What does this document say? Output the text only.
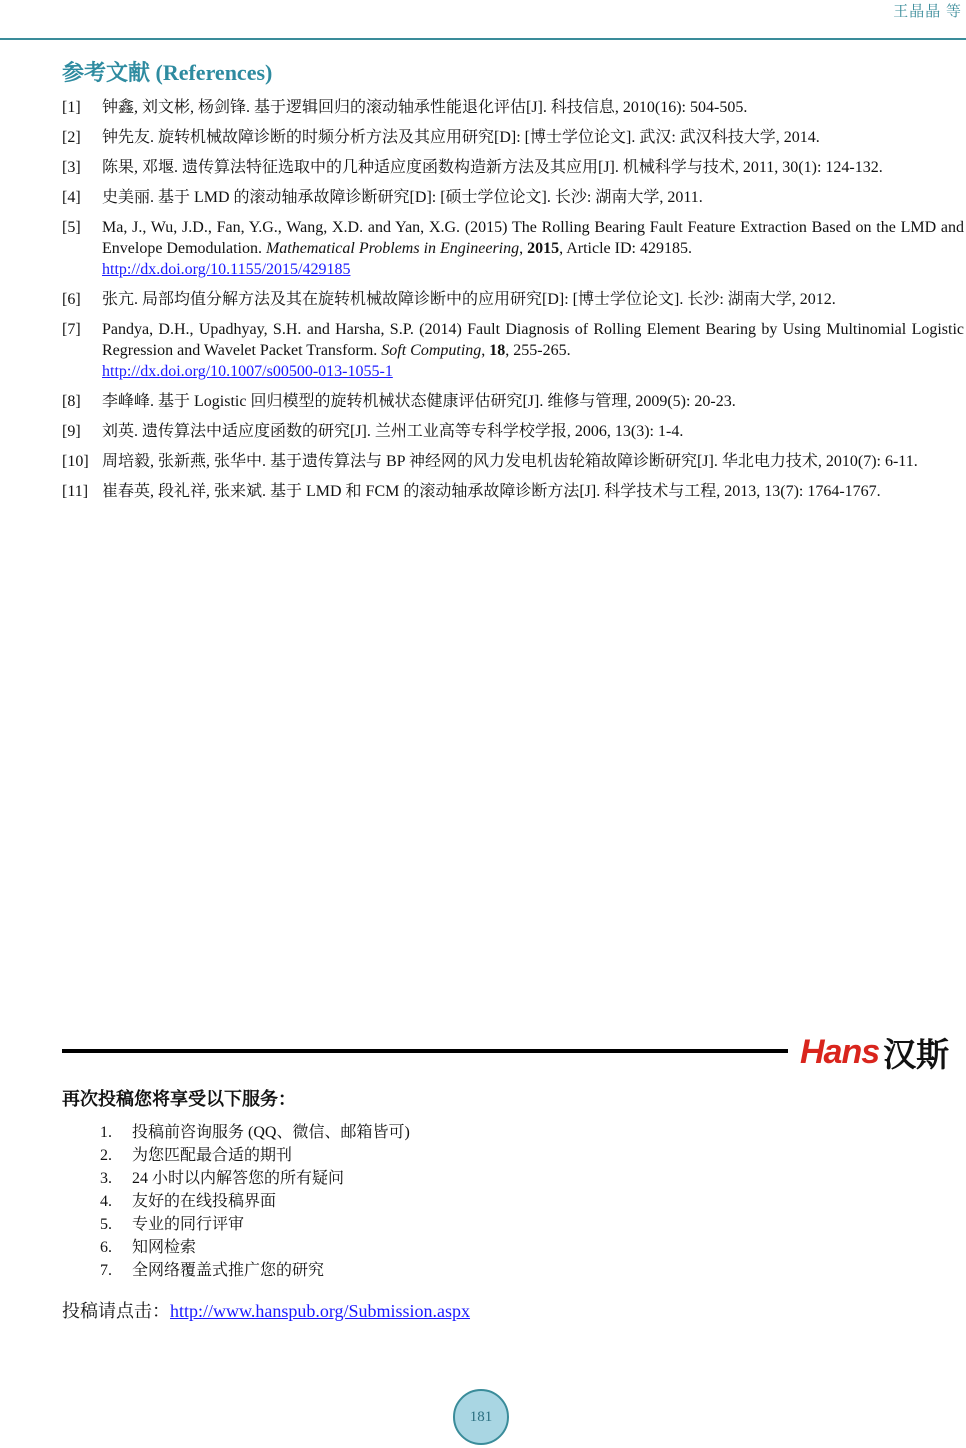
王晶晶 等
参考文献 (References)
[1] 钟鑫, 刘文彬, 杨剑锋. 基于逻辑回归的滚动轴承性能退化评估[J]. 科技信息, 2010(16): 504-505.
[2] 钟先友. 旋转机械故障诊断的时频分析方法及其应用研究[D]: [博士学位论文]. 武汉: 武汉科技大学, 2014.
[3] 陈果, 邓堰. 遗传算法特征选取中的几种适应度函数构造新方法及其应用[J]. 机械科学与技术, 2011, 30(1): 124-132.
[4] 史美丽. 基于 LMD 的滚动轴承故障诊断研究[D]: [硕士学位论文]. 长沙: 湖南大学, 2011.
[5] Ma, J., Wu, J.D., Fan, Y.G., Wang, X.D. and Yan, X.G. (2015) The Rolling Bearing Fault Feature Extraction Based on the LMD and Envelope Demodulation. Mathematical Problems in Engineering, 2015, Article ID: 429185.
http://dx.doi.org/10.1155/2015/429185
[6] 张亢. 局部均值分解方法及其在旋转机械故障诊断中的应用研究[D]: [博士学位论文]. 长沙: 湖南大学, 2012.
[7] Pandya, D.H., Upadhyay, S.H. and Harsha, S.P. (2014) Fault Diagnosis of Rolling Element Bearing by Using Multinomial Logistic Regression and Wavelet Packet Transform. Soft Computing, 18, 255-265.
http://dx.doi.org/10.1007/s00500-013-1055-1
[8] 李峰峰. 基于 Logistic 回归模型的旋转机械状态健康评估研究[J]. 维修与管理, 2009(5): 20-23.
[9] 刘英. 遗传算法中适应度函数的研究[J]. 兰州工业高等专科学校学报, 2006, 13(3): 1-4.
[10] 周培毅, 张新燕, 张华中. 基于遗传算法与 BP 神经网的风力发电机齿轮箱故障诊断研究[J]. 华北电力技术, 2010(7): 6-11.
[11] 崔春英, 段礼祥, 张来斌. 基于 LMD 和 FCM 的滚动轴承故障诊断方法[J]. 科学技术与工程, 2013, 13(7): 1764-1767.
Hans 汉斯
再次投稿您将享受以下服务：
1. 投稿前咨询服务 (QQ、微信、邮箱皆可)
2. 为您匹配最合适的期刊
3. 24 小时以内解答您的所有疑问
4. 友好的在线投稿界面
5. 专业的同行评审
6. 知网检索
7. 全网络覆盖式推广您的研究
投稿请点击：http://www.hanspub.org/Submission.aspx
181
